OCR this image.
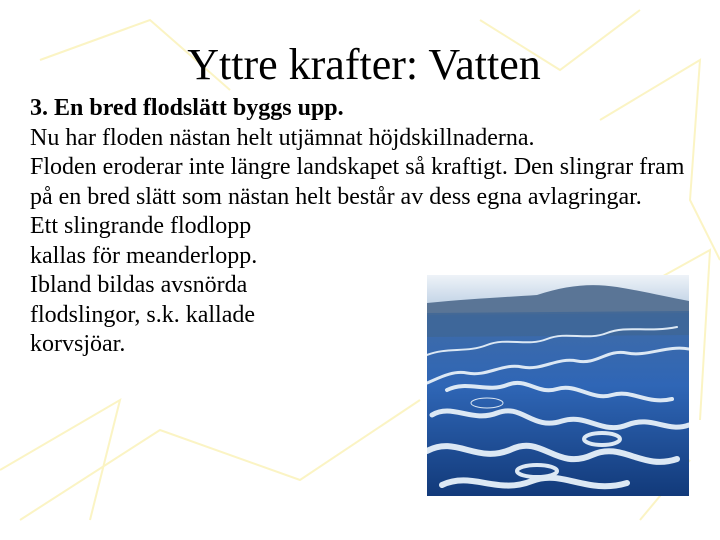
Yttre krafter: Vatten

3. En bred flodslätt byggs upp.

Nu har floden nästan helt utjämnat höjdskillnaderna.

Floden eroderar inte längre landskapet så kraftigt. Den slingrar fram på en bred slätt som nästan helt består av dess egna avlagringar.

Ett slingrande flodlopp

kallas för meanderlopp.

Ibland bildas avsnörda

flodslingor, s.k. kallade

korvsjöar.
